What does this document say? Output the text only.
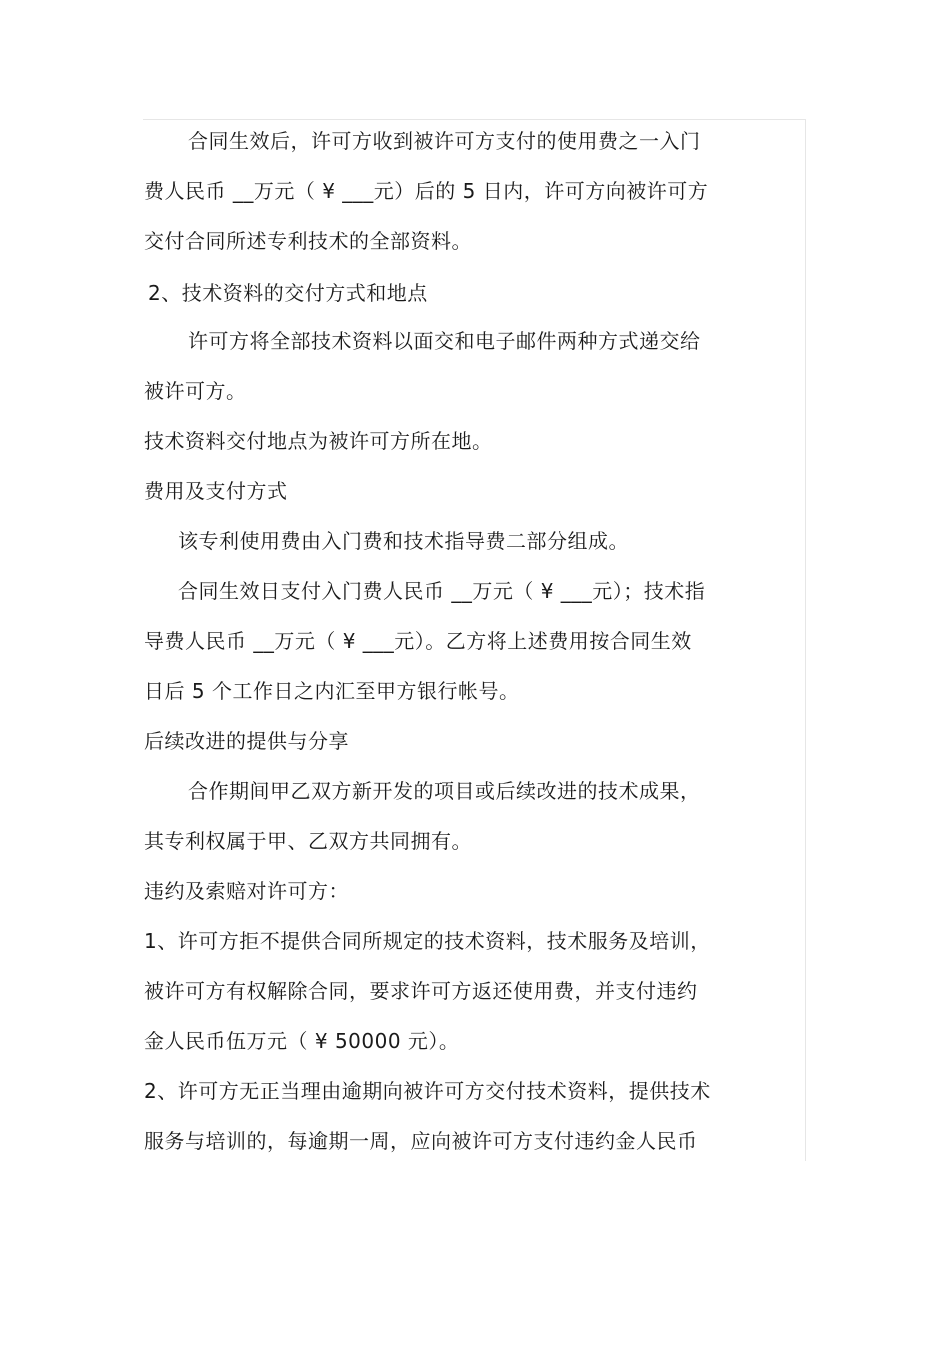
合同生效后，许可方收到被许可方支付的使用费之一入门
费人民币 __万元（ ¥ ___元）后的 5 日内，许可方向被许可方
交付合同所述专利技术的全部资料。
2、技术资料的交付方式和地点
许可方将全部技术资料以面交和电子邮件两种方式递交给
被许可方。
技术资料交付地点为被许可方所在地。
费用及支付方式
该专利使用费由入门费和技术指导费二部分组成。
合同生效日支付入门费人民币 __万元（ ¥ ___元）；技术指
导费人民币 __万元（ ¥ ___元）。乙方将上述费用按合同生效
日后 5 个工作日之内汇至甲方银行帐号。
后续改进的提供与分享
合作期间甲乙双方新开发的项目或后续改进的技术成果，
其专利权属于甲、乙双方共同拥有。
违约及索赔对许可方：
1、许可方拒不提供合同所规定的技术资料，技术服务及培训，
被许可方有权解除合同，要求许可方返还使用费，并支付违约
金人民币伍万元（ ¥ 50000 元）。
2、许可方无正当理由逾期向被许可方交付技术资料，提供技术
服务与培训的，每逾期一周，应向被许可方支付违约金人民币
